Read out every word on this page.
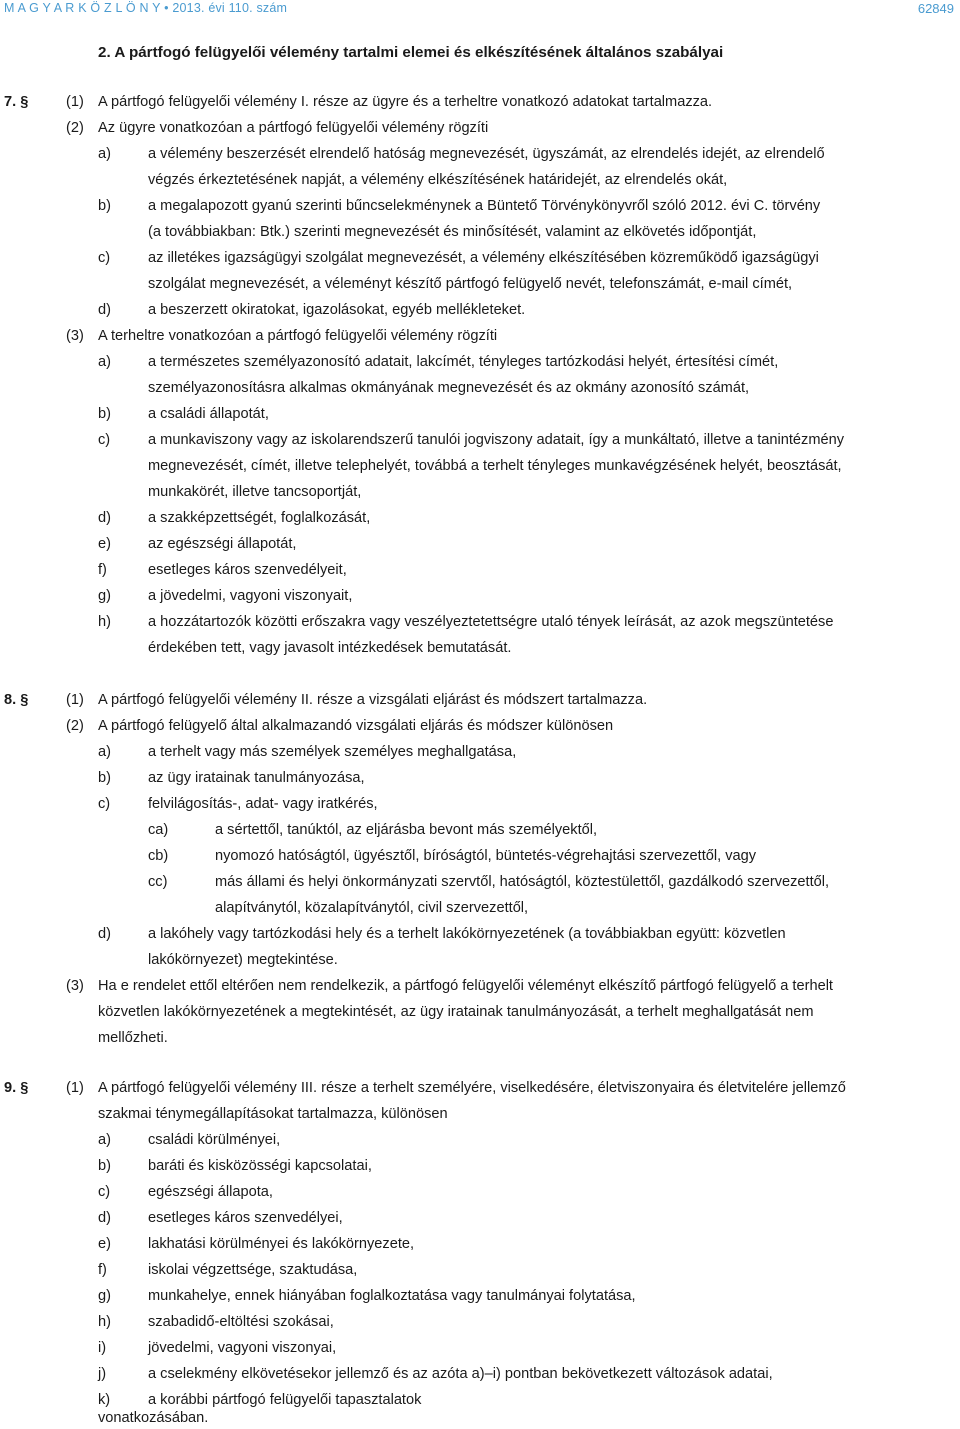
M A G Y A R K Ö Z L Ö N Y • 2013. évi 110. szám	62849
2. A pártfogó felügyelői vélemény tartalmi elemei és elkészítésének általános szabályai
7. §	(1) A pártfogó felügyelői vélemény I. része az ügyre és a terheltre vonatkozó adatokat tartalmazza.
(2) Az ügyre vonatkozóan a pártfogó felügyelői vélemény rögzíti
a)	a vélemény beszerzését elrendelő hatóság megnevezését, ügyszámát, az elrendelés idejét, az elrendelő
végzés érkeztetésének napját, a vélemény elkészítésének határidejét, az elrendelés okát,
b)	a megalapozott gyanú szerinti bűncselekménynek a Büntető Törvénykönyvről szóló 2012. évi C. törvény
(a továbbiakban: Btk.) szerinti megnevezését és minősítését, valamint az elkövetés időpontját,
c)	az illetékes igazságügyi szolgálat megnevezését, a vélemény elkészítésében közreműködő igazságügyi
szolgálat megnevezését, a véleményt készítő pártfogó felügyelő nevét, telefonszámát, e-mail címét,
d)	a beszerzett okiratokat, igazolásokat, egyéb mellékleteket.
(3) A terheltre vonatkozóan a pártfogó felügyelői vélemény rögzíti
a)	a természetes személyazonosító adatait, lakcímét, tényleges tartózkodási helyét, értesítési címét,
személyazonosításra alkalmas okmányának megnevezését és az okmány azonosító számát,
b)	a családi állapotát,
c)	a munkaviszony vagy az iskolarendszerű tanulói jogviszony adatait, így a munkáltató, illetve a tanintézmény
megnevezését, címét, illetve telephelyét, továbbá a terhelt tényleges munkavégzésének helyét, beosztását,
munkakörét, illetve tancsoportját,
d)	a szakképzettségét, foglalkozását,
e)	az egészségi állapotát,
f)	esetleges káros szenvedélyeit,
g)	a jövedelmi, vagyoni viszonyait,
h)	a hozzátartozók közötti erőszakra vagy veszélyeztetettségre utaló tények leírását, az azok megszüntetése
érdekében tett, vagy javasolt intézkedések bemutatását.
8. §	(1) A pártfogó felügyelői vélemény II. része a vizsgálati eljárást és módszert tartalmazza.
(2) A pártfogó felügyelő által alkalmazandó vizsgálati eljárás és módszer különösen
a)	a terhelt vagy más személyek személyes meghallgatása,
b)	az ügy iratainak tanulmányozása,
c)	felvilágosítás-, adat- vagy iratkérés,
ca)	a sértettől, tanúktól, az eljárásba bevont más személyektől,
cb)	nyomozó hatóságtól, ügyésztől, bíróságtól, büntetés-végrehajtási szervezettől, vagy
cc)	más állami és helyi önkormányzati szervtől, hatóságtól, köztestülettől, gazdálkodó szervezettől,
alapítványtól, közalapítványtól, civil szervezettől,
d)	a lakóhely vagy tartózkodási hely és a terhelt lakókörnyezetének (a továbbiakban együtt: közvetlen
lakókörnyezet) megtekintése.
(3) Ha e rendelet ettől eltérően nem rendelkezik, a pártfogó felügyelői véleményt elkészítő pártfogó felügyelő a terhelt
közvetlen lakókörnyezetének a megtekintését, az ügy iratainak tanulmányozását, a terhelt meghallgatását nem
mellőzheti.
9. §	(1) A pártfogó felügyelői vélemény III. része a terhelt személyére, viselkedésére, életviszonyaira és életvitelére jellemző
szakmai ténymegállapításokat tartalmazza, különösen
a)	családi körülményei,
b)	baráti és kisközösségi kapcsolatai,
c)	egészségi állapota,
d)	esetleges káros szenvedélyei,
e)	lakhatási körülményei és lakókörnyezete,
f)	iskolai végzettsége, szaktudása,
g)	munkahelye, ennek hiányában foglalkoztatása vagy tanulmányai folytatása,
h)	szabadidő-eltöltési szokásai,
i)	jövedelmi, vagyoni viszonyai,
j)	a cselekmény elkövetésekor jellemző és az azóta a)–i) pontban bekövetkezett változások adatai,
k)	a korábbi pártfogó felügyelői tapasztalatok
vonatkozásában.
